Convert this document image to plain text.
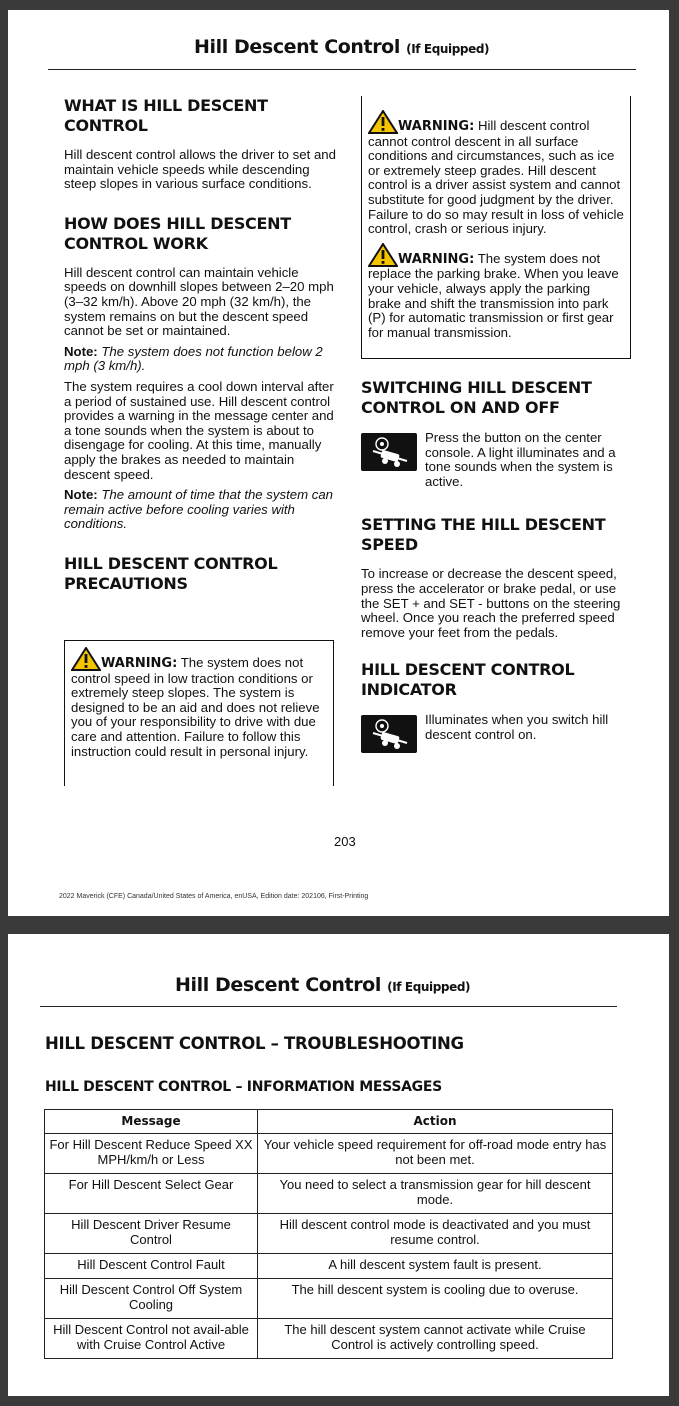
Hill Descent Control (If Equipped)
WHAT IS HILL DESCENT CONTROL

Hill descent control allows the driver to set and maintain vehicle speeds while descending steep slopes in various surface conditions.

HOW DOES HILL DESCENT CONTROL WORK

Hill descent control can maintain vehicle speeds on downhill slopes between 2–20 mph (3–32 km/h). Above 20 mph (32 km/h), the system remains on but the descent speed cannot be set or maintained.

Note: The system does not function below 2 mph (3 km/h).

The system requires a cool down interval after a period of sustained use. Hill descent control provides a warning in the message center and a tone sounds when the system is about to disengage for cooling. At this time, manually apply the brakes as needed to maintain descent speed.

Note: The amount of time that the system can remain active before cooling varies with conditions.

HILL DESCENT CONTROL PRECAUTIONS

WARNING: The system does not control speed in low traction conditions or extremely steep slopes. The system is designed to be an aid and does not relieve you of your responsibility to drive with due care and attention. Failure to follow this instruction could result in personal injury.

WARNING: Hill descent control cannot control descent in all surface conditions and circumstances, such as ice or extremely steep grades. Hill descent control is a driver assist system and cannot substitute for good judgment by the driver. Failure to do so may result in loss of vehicle control, crash or serious injury.

WARNING: The system does not replace the parking brake. When you leave your vehicle, always apply the parking brake and shift the transmission into park (P) for automatic transmission or first gear for manual transmission.

SWITCHING HILL DESCENT CONTROL ON AND OFF

Press the button on the center console. A light illuminates and a tone sounds when the system is active.

SETTING THE HILL DESCENT SPEED

To increase or decrease the descent speed, press the accelerator or brake pedal, or use the SET + and SET - buttons on the steering wheel. Once you reach the preferred speed remove your feet from the pedals.

HILL DESCENT CONTROL INDICATOR

Illuminates when you switch hill descent control on.

203
2022 Maverick (CFE) Canada/United States of America, enUSA, Edition date: 202106, First-Printing
Hill Descent Control (If Equipped)
HILL DESCENT CONTROL – TROUBLESHOOTING
HILL DESCENT CONTROL – INFORMATION MESSAGES
Message	Action
For Hill Descent Reduce Speed XX MPH/km/h or Less	Your vehicle speed requirement for off-road mode entry has not been met.
For Hill Descent Select Gear	You need to select a transmission gear for hill descent mode.
Hill Descent Driver Resume Control	Hill descent control mode is deactivated and you must resume control.
Hill Descent Control Fault	A hill descent system fault is present.
Hill Descent Control Off System Cooling	The hill descent system is cooling due to overuse.
Hill Descent Control not avail-able with Cruise Control Active	The hill descent system cannot activate while Cruise Control is actively controlling speed.
